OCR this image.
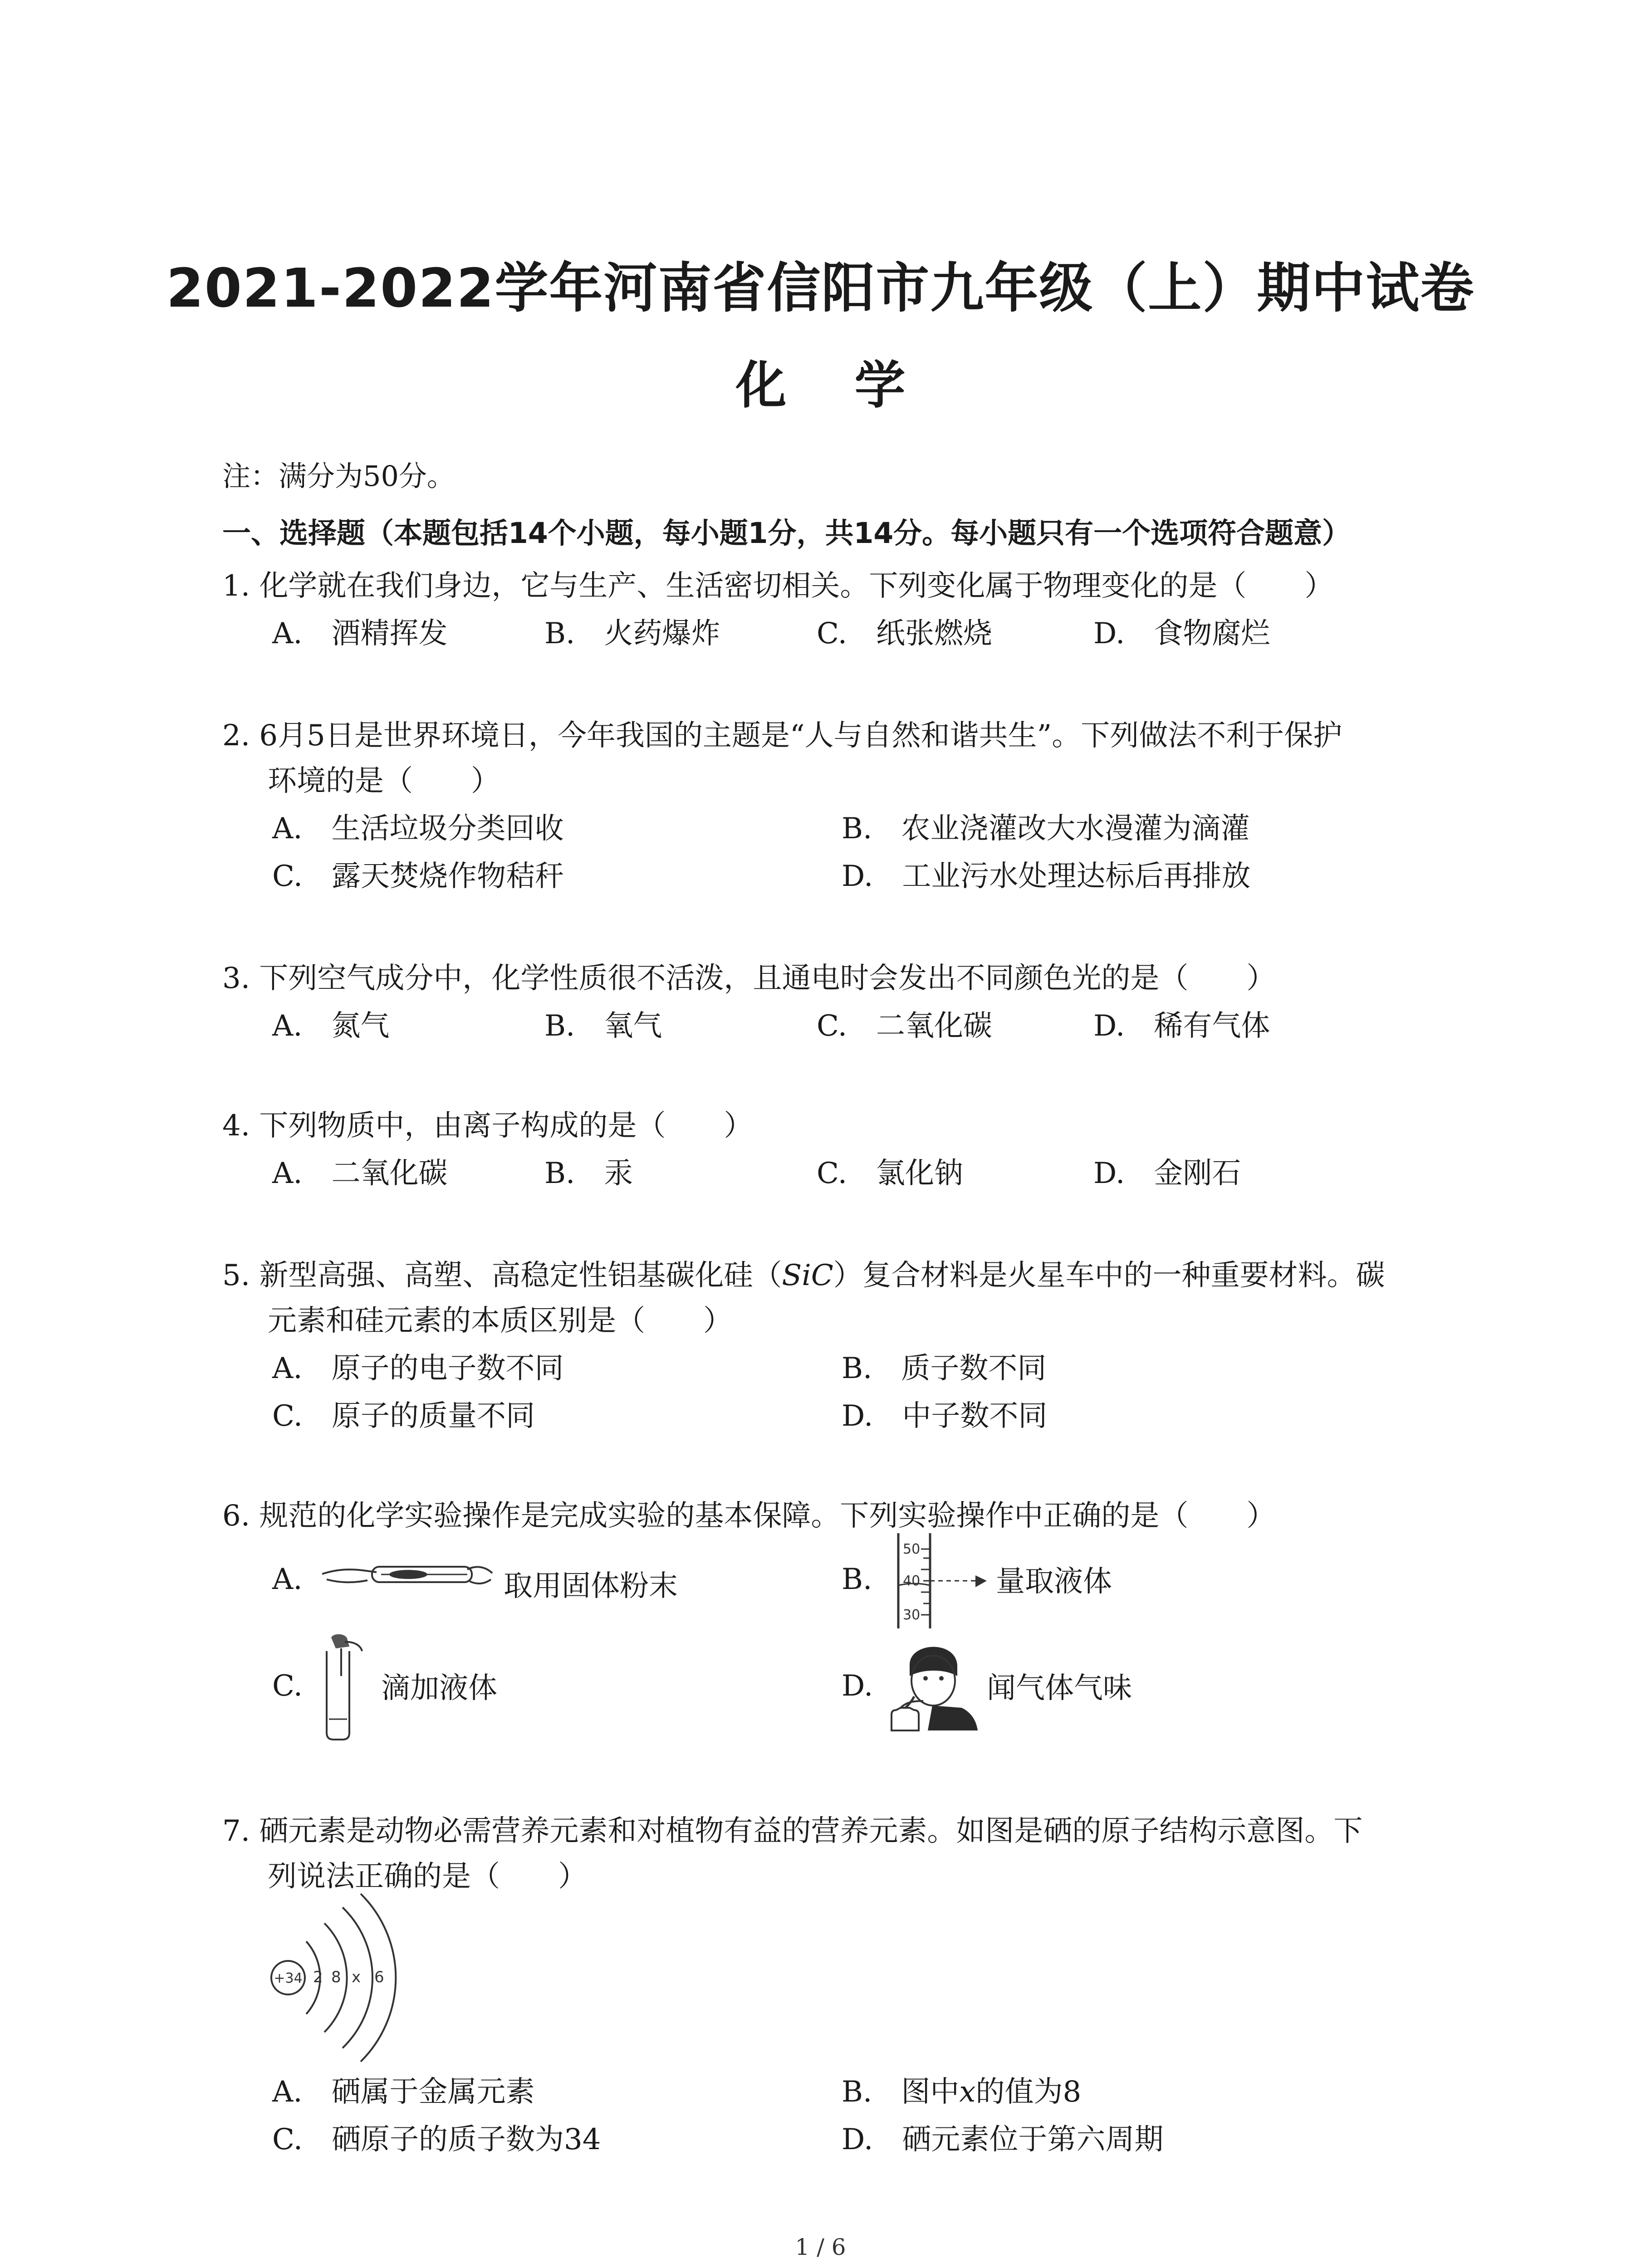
2021-2022学年河南省信阳市九年级（上）期中试卷
化学
注：满分为50分。
一、选择题（本题包括14个小题，每小题1分，共14分。每小题只有一个选项符合题意）
1. 化学就在我们身边，它与生产、生活密切相关。下列变化属于物理变化的是（　　）
A.　酒精挥发	B.　火药爆炸	C.　纸张燃烧	D.　食物腐烂
2. 6月5日是世界环境日，今年我国的主题是“人与自然和谐共生”。下列做法不利于保护
环境的是（　　）
A.　生活垃圾分类回收	B.　农业浇灌改大水漫灌为滴灌
C.　露天焚烧作物秸秆	D.　工业污水处理达标后再排放
3. 下列空气成分中，化学性质很不活泼，且通电时会发出不同颜色光的是（　　）
A.　氮气	B.　氧气	C.　二氧化碳	D.　稀有气体
4. 下列物质中，由离子构成的是（　　）
A.　二氧化碳	B.　汞	C.　氯化钠	D.　金刚石
5. 新型高强、高塑、高稳定性铝基碳化硅（SiC）复合材料是火星车中的一种重要材料。碳
元素和硅元素的本质区别是（　　）
A.　原子的电子数不同	B.　质子数不同
C.　原子的质量不同	D.　中子数不同
6. 规范的化学实验操作是完成实验的基本保障。下列实验操作中正确的是（　　）
A.	取用固体粉末	B.
50
40
30
量取液体
C.	滴加液体	D.	闻气体气味
7. 硒元素是动物必需营养元素和对植物有益的营养元素。如图是硒的原子结构示意图。下
列说法正确的是（　　）
+34 2 8 x 6
A.　硒属于金属元素	B.　图中x的值为8
C.　硒原子的质子数为34	D.　硒元素位于第六周期
1 / 6
